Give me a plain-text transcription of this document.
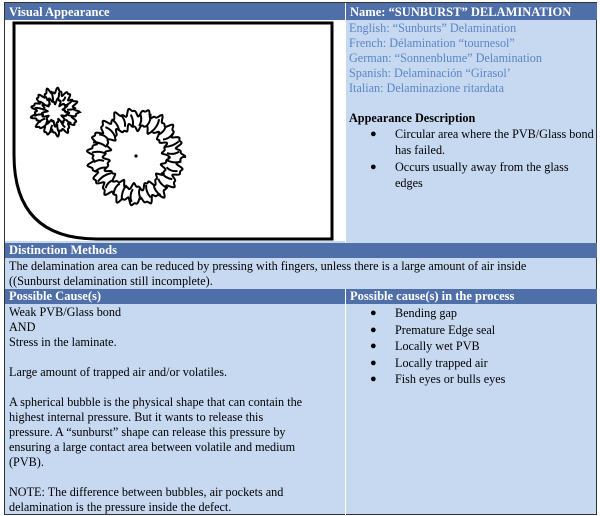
Visual Appearance	Name: “SUNBURST” DELAMINATION
English: “Sunburts” Delamination
French: Délamination “tournesol”
German: “Sonnenblume” Delamination
Spanish: Delaminación “Girasol’
Italian: Delaminazione ritardata
Appearance Description
● Circular area where the PVB/Glass bond has failed.
● Occurs usually away from the glass edges
Distinction Methods
The delamination area can be reduced by pressing with fingers, unless there is a large amount of air inside
((Sunburst delamination still incomplete).
Possible Cause(s)	Possible cause(s) in the process
Weak PVB/Glass bond
AND
Stress in the laminate.
Large amount of trapped air and/or volatiles.
A spherical bubble is the physical shape that can contain the
highest internal pressure. But it wants to release this
pressure. A “sunburst” shape can release this pressure by
ensuring a large contact area between volatile and medium
(PVB).
NOTE: The difference between bubbles, air pockets and
delamination is the pressure inside the defect.
● Bending gap
● Premature Edge seal
● Locally wet PVB
● Locally trapped air
● Fish eyes or bulls eyes
